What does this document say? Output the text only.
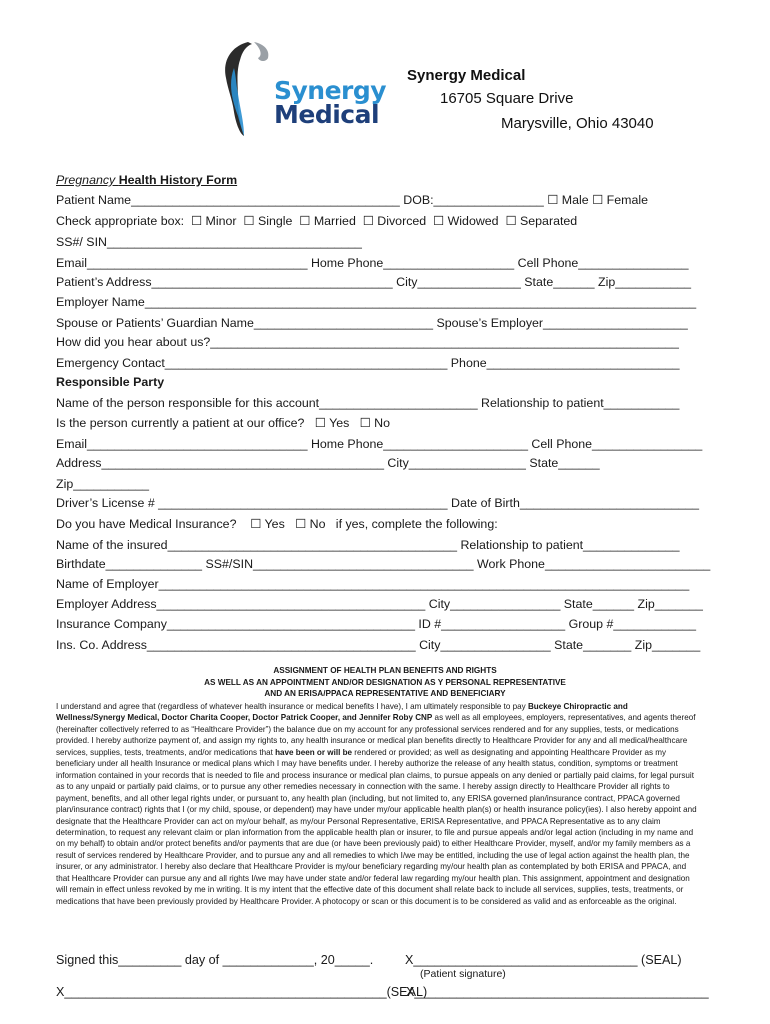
Synergy
Medical
Synergy Medical
16705 Square Drive
Marysville, Ohio 43040
Pregnancy Health History Form
Patient Name_______________________________________ DOB:________________ ☐ Male ☐ Female
Check appropriate box:  ☐ Minor  ☐ Single  ☐ Married  ☐ Divorced  ☐ Widowed  ☐ Separated
SS#/ SIN_____________________________________
Email________________________________ Home Phone___________________ Cell Phone________________
Patient’s Address___________________________________ City_______________ State______ Zip___________
Employer Name________________________________________________________________________________
Spouse or Patients’ Guardian Name__________________________ Spouse’s Employer_____________________
How did you hear about us?____________________________________________________________________
Emergency Contact_________________________________________ Phone____________________________
Responsible Party
Name of the person responsible for this account_______________________ Relationship to patient___________
Is the person currently a patient at our office?   ☐ Yes   ☐ No
Email________________________________ Home Phone_____________________ Cell Phone________________
Address_________________________________________ City_________________ State______
Zip___________
Driver’s License # __________________________________________ Date of Birth__________________________
Do you have Medical Insurance?    ☐ Yes   ☐ No   if yes, complete the following:
Name of the insured__________________________________________ Relationship to patient______________
Birthdate______________ SS#/SIN________________________________ Work Phone________________________
Name of Employer_____________________________________________________________________________
Employer Address_______________________________________ City________________ State______ Zip_______
Insurance Company____________________________________ ID #__________________ Group #____________
Ins. Co. Address_______________________________________ City________________ State_______ Zip_______
ASSIGNMENT OF HEALTH PLAN BENEFITS AND RIGHTS
AS WELL AS AN APPOINTMENT AND/OR DESIGNATION AS Y PERSONAL REPRESENTATIVE
AND AN ERISA/PPACA REPRESENTATIVE AND BENEFICIARY
I understand and agree that (regardless of whatever health insurance or medical benefits I have), I am ultimately responsible to pay Buckeye Chiropractic and Wellness/Synergy Medical, Doctor Charita Cooper, Doctor Patrick Cooper, and Jennifer Roby CNP as well as all employees, employers, representatives, and agents thereof (hereinafter collectively referred to as “Healthcare Provider”) the balance due on my account for any professional services rendered and for any supplies, tests, or medications provided. I hereby authorize payment of, and assign my rights to, any health insurance or medical plan benefits directly to Healthcare Provider for any and all medical/healthcare services, supplies, tests, treatments, and/or medications that have been or will be rendered or provided; as well as designating and appointing Healthcare Provider as my beneficiary under all health Insurance or medical plans which I may have benefits under. I hereby authorize the release of any health status, condition, symptoms or treatment information contained in your records that is needed to file and process insurance or medical plan claims, to pursue appeals on any denied or partially paid claims, for legal pursuit as to any unpaid or partially paid claims, or to pursue any other remedies necessary in connection with the same. I hereby assign directly to Healthcare Provider all rights to payment, benefits, and all other legal rights under, or pursuant to, any health plan (including, but not limited to, any ERISA governed plan/insurance contract, PPACA governed plan/insurance contract) rights that I (or my child, spouse, or dependent) may have under my/our applicable health plan(s) or health insurance policy(ies). I also hereby appoint and designate that the Healthcare Provider can act on my/our behalf, as my/our Personal Representative, ERISA Representative, and PPACA Representative as to any claim determination, to request any relevant claim or plan information from the applicable health plan or insurer, to file and pursue appeals and/or legal action (including in my name and on my behalf) to obtain and/or protect benefits and/or payments that are due (or have been previously paid) to either Healthcare Provider, myself, and/or my family members as a result of services rendered by Healthcare Provider, and to pursue any and all remedies to which I/we may be entitled, including the use of legal action against the health plan, the insurer, or any administrator. I hereby also declare that Healthcare Provider is my/our beneficiary regarding my/our health plan as contemplated by both ERISA and PPACA, and that Healthcare Provider can pursue any and all rights I/we may have under state and/or federal law regarding my/our health plan. This assignment, appointment and designation will remain in effect unless revoked by me in writing. It is my intent that the effective date of this document shall relate back to include all services, supplies, tests, treatments, or medications that have been previously provided by Healthcare Provider. A photocopy or scan or this document is to be considered as valid and as enforceable as the original.
Signed this_________ day of _____________, 20_____.	X________________________________ (SEAL)
(Patient signature)
X______________________________________________(SEAL)
X__________________________________________
